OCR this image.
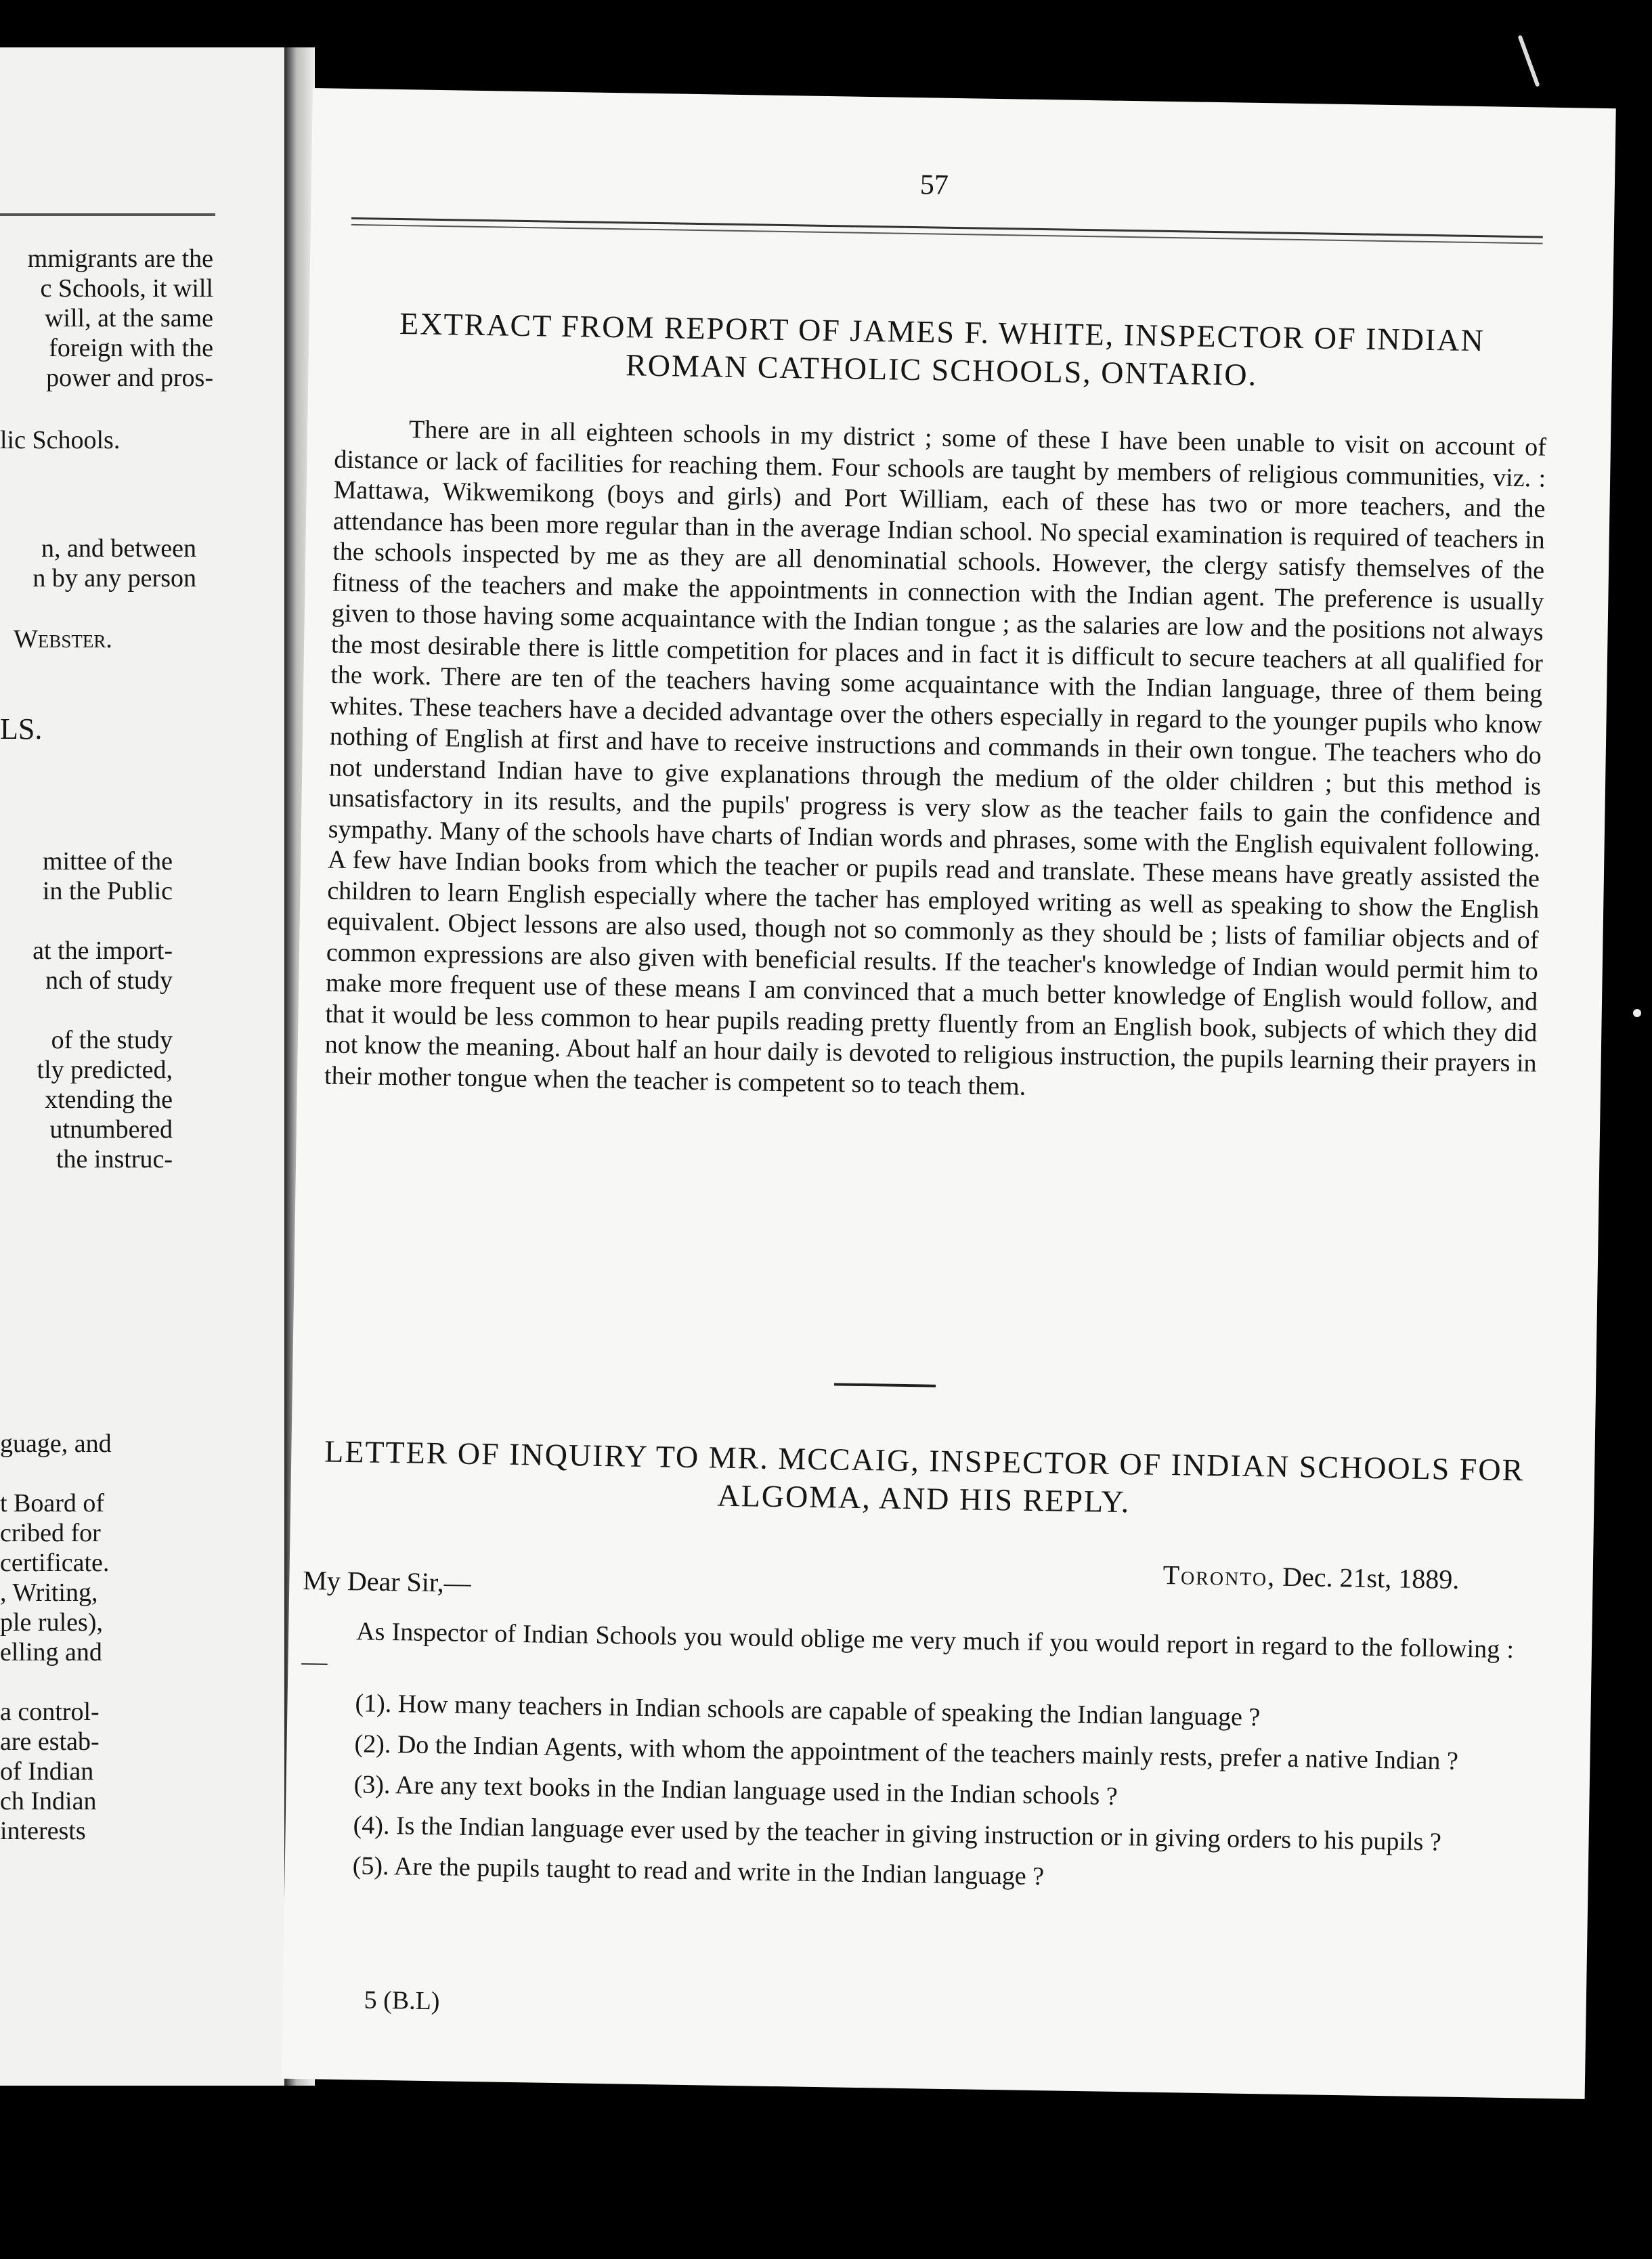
mmigrants are the
c Schools, it will
will, at the same
foreign with the
power and pros-
lic Schools.
n, and between
n by any person
Webster.
LS.
mittee of the
in the Public
at the import-
nch of study
of the study
tly predicted,
xtending the
utnumbered
the instruc-
guage, and
t Board of
cribed for
certificate.
, Writing,
ple rules),
elling and
a control-
are estab-
of Indian
ch Indian
interests
57
EXTRACT FROM REPORT OF JAMES F. WHITE, INSPECTOR OF INDIAN ROMAN CATHOLIC SCHOOLS, ONTARIO.
There are in all eighteen schools in my district ; some of these I have been unable to visit on account of distance or lack of facilities for reaching them. Four schools are taught by members of religious communities, viz. : Mattawa, Wikwemikong (boys and girls) and Port William, each of these has two or more teachers, and the attendance has been more regular than in the average Indian school. No special examination is required of teachers in the schools inspected by me as they are all denominatial schools. However, the clergy satisfy themselves of the fitness of the teachers and make the appointments in connection with the Indian agent. The preference is usually given to those having some acquaintance with the Indian tongue ; as the salaries are low and the positions not always the most desirable there is little competition for places and in fact it is difficult to secure teachers at all qualified for the work. There are ten of the teachers having some acquaintance with the Indian language, three of them being whites. These teachers have a decided advantage over the others especially in regard to the younger pupils who know nothing of English at first and have to receive instructions and commands in their own tongue. The teachers who do not understand Indian have to give explanations through the medium of the older children ; but this method is unsatisfactory in its results, and the pupils' progress is very slow as the teacher fails to gain the confidence and sympathy. Many of the schools have charts of Indian words and phrases, some with the English equivalent following. A few have Indian books from which the teacher or pupils read and translate. These means have greatly assisted the children to learn English especially where the tacher has employed writing as well as speaking to show the English equivalent. Object lessons are also used, though not so commonly as they should be ; lists of familiar objects and of common expressions are also given with beneficial results. If the teacher's knowledge of Indian would permit him to make more frequent use of these means I am convinced that a much better knowledge of English would follow, and that it would be less common to hear pupils reading pretty fluently from an English book, subjects of which they did not know the meaning. About half an hour daily is devoted to religious instruction, the pupils learning their prayers in their mother tongue when the teacher is competent so to teach them.
LETTER OF INQUIRY TO MR. MCCAIG, INSPECTOR OF INDIAN SCHOOLS FOR ALGOMA, AND HIS REPLY.
Toronto, Dec. 21st, 1889.
My Dear Sir,—

As Inspector of Indian Schools you would oblige me very much if you would report in regard to the following :—

(1). How many teachers in Indian schools are capable of speaking the Indian language ?

(2). Do the Indian Agents, with whom the appointment of the teachers mainly rests, prefer a native Indian ?

(3). Are any text books in the Indian language used in the Indian schools ?

(4). Is the Indian language ever used by the teacher in giving instruction or in giving orders to his pupils ?

(5). Are the pupils taught to read and write in the Indian language ?

5 (B.L)
